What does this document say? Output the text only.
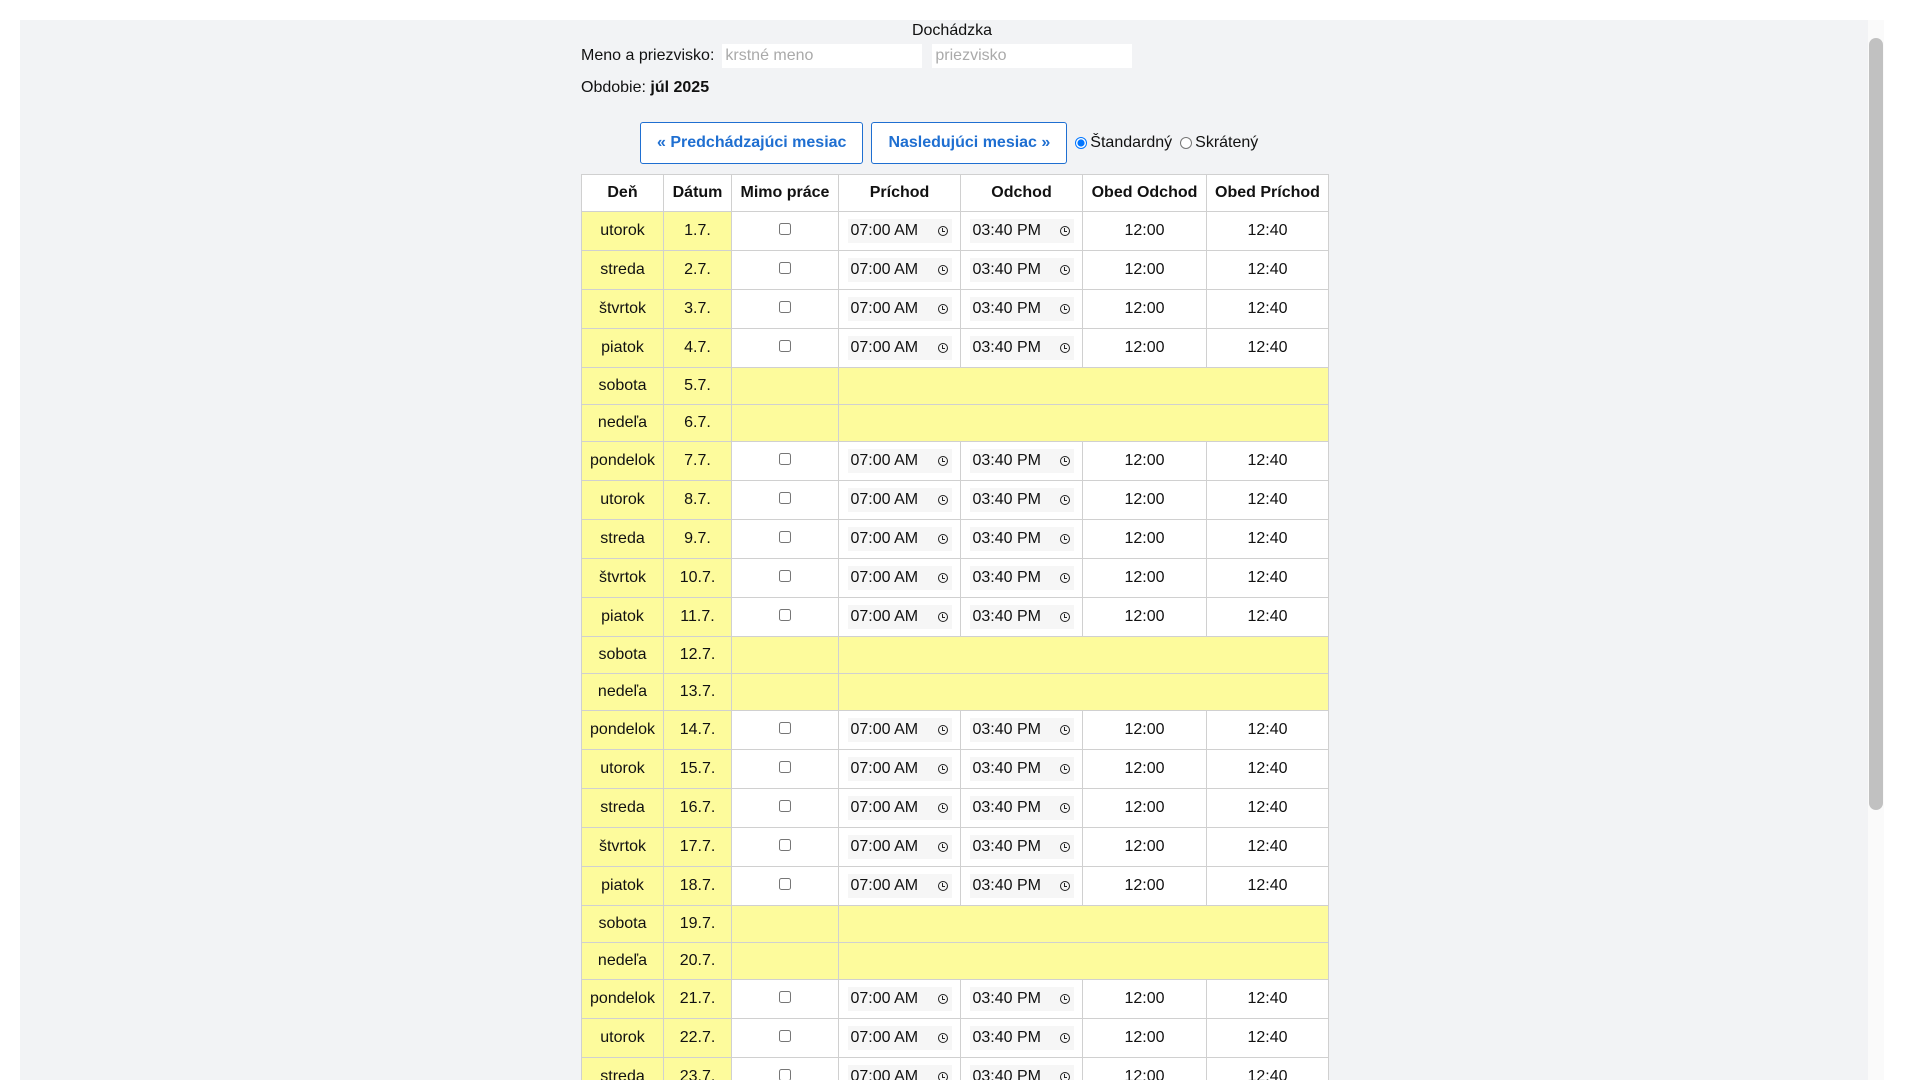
Dochádzka
Meno a priezvisko:
krstné meno
priezvisko
Obdobie: júl 2025
« Predchádzajúci mesiac	Nasledujúci mesiac »	Štandardný Skrátený
Deň	Dátum	Mimo práce	Príchod	Odchod	Obed Odchod	Obed Príchod
utorok	1.7.		07:00 AM	03:40 PM	12:00	12:40
streda	2.7.		07:00 AM	03:40 PM	12:00	12:40
štvrtok	3.7.		07:00 AM	03:40 PM	12:00	12:40
piatok	4.7.		07:00 AM	03:40 PM	12:00	12:40
sobota	5.7.					
nedeľa	6.7.					
pondelok	7.7.		07:00 AM	03:40 PM	12:00	12:40
utorok	8.7.		07:00 AM	03:40 PM	12:00	12:40
streda	9.7.		07:00 AM	03:40 PM	12:00	12:40
štvrtok	10.7.		07:00 AM	03:40 PM	12:00	12:40
piatok	11.7.		07:00 AM	03:40 PM	12:00	12:40
sobota	12.7.					
nedeľa	13.7.					
pondelok	14.7.		07:00 AM	03:40 PM	12:00	12:40
utorok	15.7.		07:00 AM	03:40 PM	12:00	12:40
streda	16.7.		07:00 AM	03:40 PM	12:00	12:40
štvrtok	17.7.		07:00 AM	03:40 PM	12:00	12:40
piatok	18.7.		07:00 AM	03:40 PM	12:00	12:40
sobota	19.7.					
nedeľa	20.7.					
pondelok	21.7.		07:00 AM	03:40 PM	12:00	12:40
utorok	22.7.		07:00 AM	03:40 PM	12:00	12:40
streda	23.7.		07:00 AM	03:40 PM	12:00	12:40
